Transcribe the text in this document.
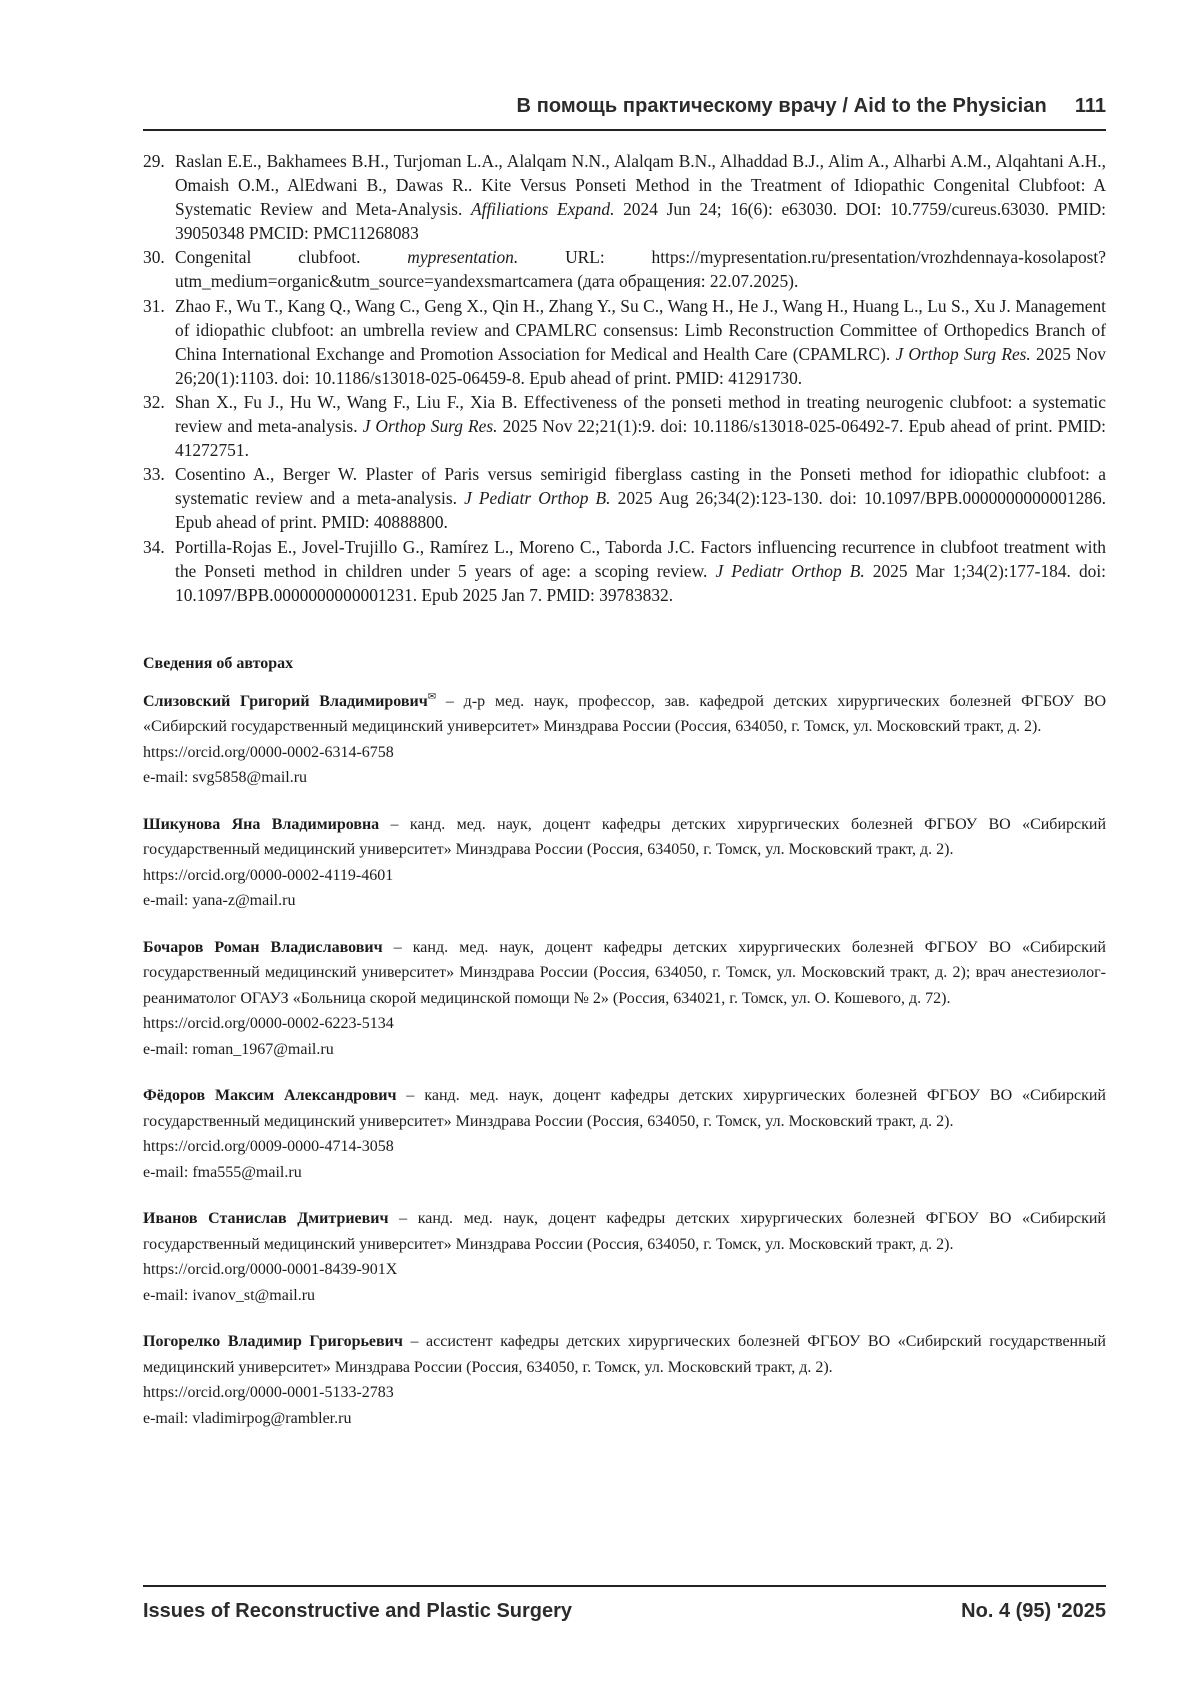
В помощь практическому врачу / Aid to the Physician 111
29. Raslan E.E., Bakhamees B.H., Turjoman L.A., Alalqam N.N., Alalqam B.N., Alhaddad B.J., Alim A., Alharbi A.M., Alqahtani A.H., Omaish O.M., AlEdwani B., Dawas R.. Kite Versus Ponseti Method in the Treatment of Idiopathic Congenital Clubfoot: A Systematic Review and Meta-Analysis. Affiliations Expand. 2024 Jun 24; 16(6): e63030. DOI: 10.7759/cureus.63030. PMID: 39050348 PMCID: PMC11268083
30. Congenital clubfoot. mypresentation. URL: https://mypresentation.ru/presentation/vrozhdennaya-kosolapost?utm_medium=organic&utm_source=yandexsmartcamera (дата обращения: 22.07.2025).
31. Zhao F., Wu T., Kang Q., Wang C., Geng X., Qin H., Zhang Y., Su C., Wang H., He J., Wang H., Huang L., Lu S., Xu J. Management of idiopathic clubfoot: an umbrella review and CPAMLRC consensus: Limb Reconstruction Committee of Orthopedics Branch of China International Exchange and Promotion Association for Medical and Health Care (CPAMLRC). J Orthop Surg Res. 2025 Nov 26;20(1):1103. doi: 10.1186/s13018-025-06459-8. Epub ahead of print. PMID: 41291730.
32. Shan X., Fu J., Hu W., Wang F., Liu F., Xia B. Effectiveness of the ponseti method in treating neurogenic clubfoot: a systematic review and meta-analysis. J Orthop Surg Res. 2025 Nov 22;21(1):9. doi: 10.1186/s13018-025-06492-7. Epub ahead of print. PMID: 41272751.
33. Cosentino A., Berger W. Plaster of Paris versus semirigid fiberglass casting in the Ponseti method for idiopathic clubfoot: a systematic review and a meta-analysis. J Pediatr Orthop B. 2025 Aug 26;34(2):123-130. doi: 10.1097/BPB.0000000000001286. Epub ahead of print. PMID: 40888800.
34. Portilla-Rojas E., Jovel-Trujillo G., Ramírez L., Moreno C., Taborda J.C. Factors influencing recurrence in clubfoot treatment with the Ponseti method in children under 5 years of age: a scoping review. J Pediatr Orthop B. 2025 Mar 1;34(2):177-184. doi: 10.1097/BPB.0000000000001231. Epub 2025 Jan 7. PMID: 39783832.
Сведения об авторах
Слизовский Григорий Владимирович✉ – д-р мед. наук, профессор, зав. кафедрой детских хирургических болезней ФГБОУ ВО «Сибирский государственный медицинский университет» Минздрава России (Россия, 634050, г. Томск, ул. Московский тракт, д. 2).
https://orcid.org/0000-0002-6314-6758
e-mail: svg5858@mail.ru
Шикунова Яна Владимировна – канд. мед. наук, доцент кафедры детских хирургических болезней ФГБОУ ВО «Сибирский государственный медицинский университет» Минздрава России (Россия, 634050, г. Томск, ул. Московский тракт, д. 2).
https://orcid.org/0000-0002-4119-4601
e-mail: yana-z@mail.ru
Бочаров Роман Владиславович – канд. мед. наук, доцент кафедры детских хирургических болезней ФГБОУ ВО «Сибирский государственный медицинский университет» Минздрава России (Россия, 634050, г. Томск, ул. Московский тракт, д. 2); врач анестезиолог-реаниматолог ОГАУЗ «Больница скорой медицинской помощи № 2» (Россия, 634021, г. Томск, ул. О. Кошевого, д. 72).
https://orcid.org/0000-0002-6223-5134
e-mail: roman_1967@mail.ru
Фёдоров Максим Александрович – канд. мед. наук, доцент кафедры детских хирургических болезней ФГБОУ ВО «Сибирский государственный медицинский университет» Минздрава России (Россия, 634050, г. Томск, ул. Московский тракт, д. 2).
https://orcid.org/0009-0000-4714-3058
e-mail: fma555@mail.ru
Иванов Станислав Дмитриевич – канд. мед. наук, доцент кафедры детских хирургических болезней ФГБОУ ВО «Сибирский государственный медицинский университет» Минздрава России (Россия, 634050, г. Томск, ул. Московский тракт, д. 2).
https://orcid.org/0000-0001-8439-901X
e-mail: ivanov_st@mail.ru
Погорелко Владимир Григорьевич – ассистент кафедры детских хирургических болезней ФГБОУ ВО «Сибирский государственный медицинский университет» Минздрава России (Россия, 634050, г. Томск, ул. Московский тракт, д. 2).
https://orcid.org/0000-0001-5133-2783
e-mail: vladimirpog@rambler.ru
Issues of Reconstructive and Plastic Surgery	No. 4 (95) '2025
